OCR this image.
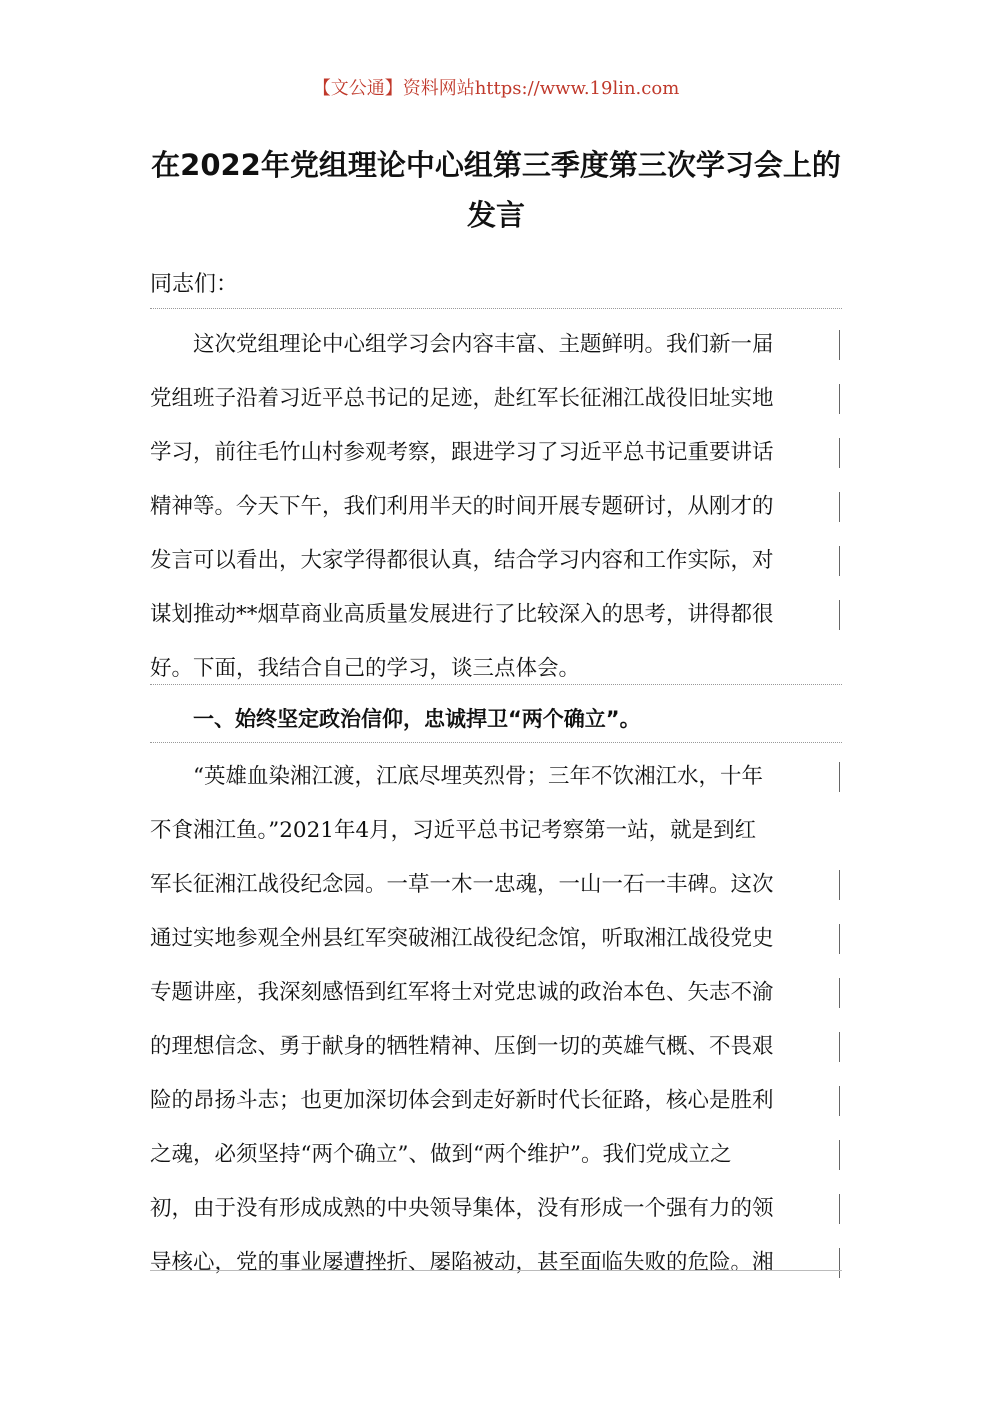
【文公通】资料网站https://www.19lin.com
在2022年党组理论中心组第三季度第三次学习会上的发言
同志们：
这次党组理论中心组学习会内容丰富、主题鲜明。我们新一届
党组班子沿着习近平总书记的足迹，赴红军长征湘江战役旧址实地
学习，前往毛竹山村参观考察，跟进学习了习近平总书记重要讲话
精神等。今天下午，我们利用半天的时间开展专题研讨，从刚才的
发言可以看出，大家学得都很认真，结合学习内容和工作实际，对
谋划推动**烟草商业高质量发展进行了比较深入的思考，讲得都很
好。下面，我结合自己的学习，谈三点体会。
一、始终坚定政治信仰，忠诚捍卫“两个确立”。
“英雄血染湘江渡，江底尽埋英烈骨；三年不饮湘江水，十年
不食湘江鱼。”2021年4月，习近平总书记考察第一站，就是到红
军长征湘江战役纪念园。一草一木一忠魂，一山一石一丰碑。这次
通过实地参观全州县红军突破湘江战役纪念馆，听取湘江战役党史
专题讲座，我深刻感悟到红军将士对党忠诚的政治本色、矢志不渝
的理想信念、勇于献身的牺牲精神、压倒一切的英雄气概、不畏艰
险的昂扬斗志；也更加深切体会到走好新时代长征路，核心是胜利
之魂，必须坚持“两个确立”、做到“两个维护”。我们党成立之
初，由于没有形成成熟的中央领导集体，没有形成一个强有力的领
导核心，党的事业屡遭挫折、屡陷被动，甚至面临失败的危险。湘
